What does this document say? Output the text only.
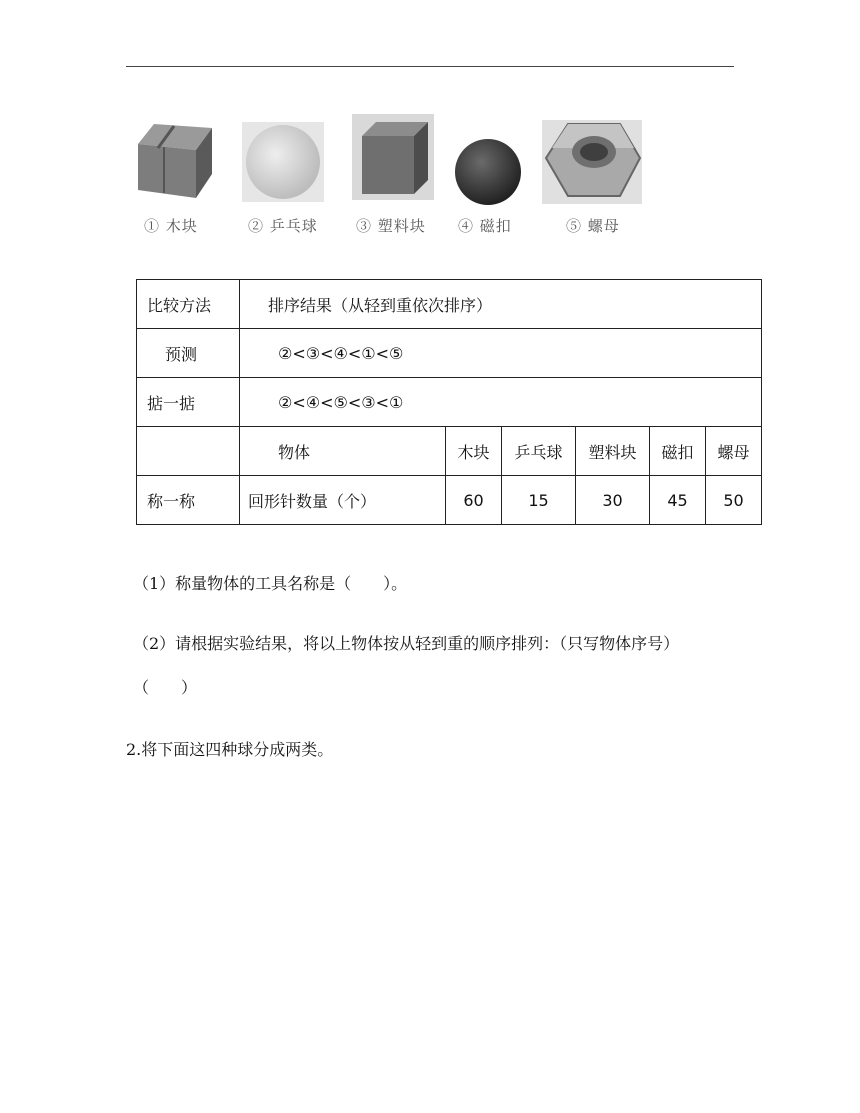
① 木块	② 乒乓球	③ 塑料块 ④ 磁扣	⑤ 螺母
比较方法	排序结果（从轻到重依次排序）					
预测	②<③<④<①<⑤					
掂一掂	②<④<⑤<③<①					
	物体	木块	乒乓球	塑料块	磁扣	螺母
称一称	回形针数量（个）	60	15	30	45	50
（1）称量物体的工具名称是（　　）。
（2）请根据实验结果，将以上物体按从轻到重的顺序排列：（只写物体序号）
（　　）
2.将下面这四种球分成两类。
